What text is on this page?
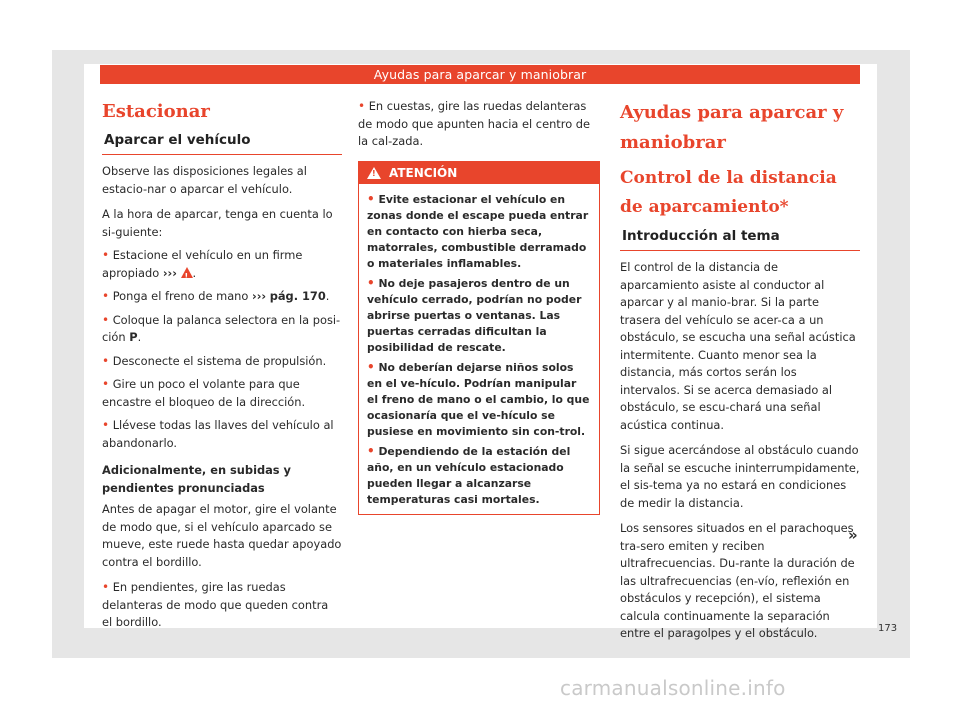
Ayudas para aparcar y maniobrar
Estacionar
Aparcar el vehículo

Observe las disposiciones legales al estacio-nar o aparcar el vehículo.

A la hora de aparcar, tenga en cuenta lo si-guiente:

• Estacione el vehículo en un firme apropiado ››› ! .
• Ponga el freno de mano ››› pág. 170.
• Coloque la palanca selectora en la posi-ción P.
• Desconecte el sistema de propulsión.
• Gire un poco el volante para que encastre el bloqueo de la dirección.
• Llévese todas las llaves del vehículo al abandonarlo.

Adicionalmente, en subidas y pendientes pronunciadas

Antes de apagar el motor, gire el volante de modo que, si el vehículo aparcado se mueve, este ruede hasta quedar apoyado contra el bordillo.

• En pendientes, gire las ruedas delanteras de modo que queden contra el bordillo.
• En cuestas, gire las ruedas delanteras de modo que apunten hacia el centro de la cal-zada.
!
ATENCIÓN
• Evite estacionar el vehículo en zonas donde el escape pueda entrar en contacto con hierba seca, matorrales, combustible derramado o materiales inflamables.
• No deje pasajeros dentro de un vehículo cerrado, podrían no poder abrirse puertas o ventanas. Las puertas cerradas dificultan la posibilidad de rescate.
• No deberían dejarse niños solos en el ve-hículo. Podrían manipular el freno de mano o el cambio, lo que ocasionaría que el ve-hículo se pusiese en movimiento sin con-trol.
• Dependiendo de la estación del año, en un vehículo estacionado pueden llegar a alcanzarse temperaturas casi mortales.
Ayudas para aparcar y maniobrar
Control de la distancia de aparcamiento*
Introducción al tema

El control de la distancia de aparcamiento asiste al conductor al aparcar y al manio-brar. Si la parte trasera del vehículo se acer-ca a un obstáculo, se escucha una señal acústica intermitente. Cuanto menor sea la distancia, más cortos serán los intervalos. Si se acerca demasiado al obstáculo, se escu-chará una señal acústica continua.

Si sigue acercándose al obstáculo cuando la señal se escuche ininterrumpidamente, el sis-tema ya no estará en condiciones de medir la distancia.

Los sensores situados en el parachoques tra-sero emiten y reciben ultrafrecuencias. Du-rante la duración de las ultrafrecuencias (en-vío, reflexión en obstáculos y recepción), el sistema calcula continuamente la separación entre el paragolpes y el obstáculo.

»
173
carmanualsonline.info
